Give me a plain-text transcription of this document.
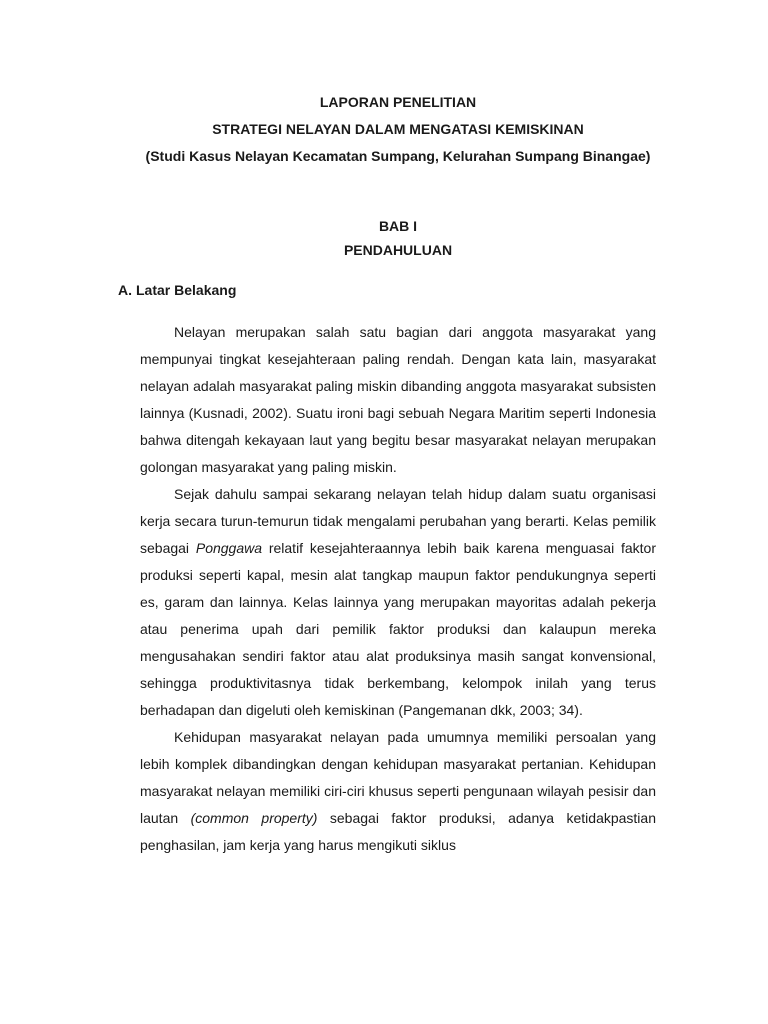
LAPORAN PENELITIAN
STRATEGI NELAYAN DALAM MENGATASI KEMISKINAN
(Studi Kasus Nelayan Kecamatan Sumpang, Kelurahan Sumpang Binangae)
BAB I
PENDAHULUAN
A. Latar Belakang

Nelayan merupakan salah satu bagian dari anggota masyarakat yang mempunyai tingkat kesejahteraan paling rendah. Dengan kata lain, masyarakat nelayan adalah masyarakat paling miskin dibanding anggota masyarakat subsisten lainnya (Kusnadi, 2002). Suatu ironi bagi sebuah Negara Maritim seperti Indonesia bahwa ditengah kekayaan laut yang begitu besar masyarakat nelayan merupakan golongan masyarakat yang paling miskin.

Sejak dahulu sampai sekarang nelayan telah hidup dalam suatu organisasi kerja secara turun-temurun tidak mengalami perubahan yang berarti. Kelas pemilik sebagai Ponggawa relatif kesejahteraannya lebih baik karena menguasai faktor produksi seperti kapal, mesin alat tangkap maupun faktor pendukungnya seperti es, garam dan lainnya. Kelas lainnya yang merupakan mayoritas adalah pekerja atau penerima upah dari pemilik faktor produksi dan kalaupun mereka mengusahakan sendiri faktor atau alat produksinya masih sangat konvensional, sehingga produktivitasnya tidak berkembang, kelompok inilah yang terus berhadapan dan digeluti oleh kemiskinan (Pangemanan dkk, 2003; 34).

Kehidupan masyarakat nelayan pada umumnya memiliki persoalan yang lebih komplek dibandingkan dengan kehidupan masyarakat pertanian. Kehidupan masyarakat nelayan memiliki ciri-ciri khusus seperti pengunaan wilayah pesisir dan lautan (common property) sebagai faktor produksi, adanya ketidakpastian penghasilan, jam kerja yang harus mengikuti siklus
